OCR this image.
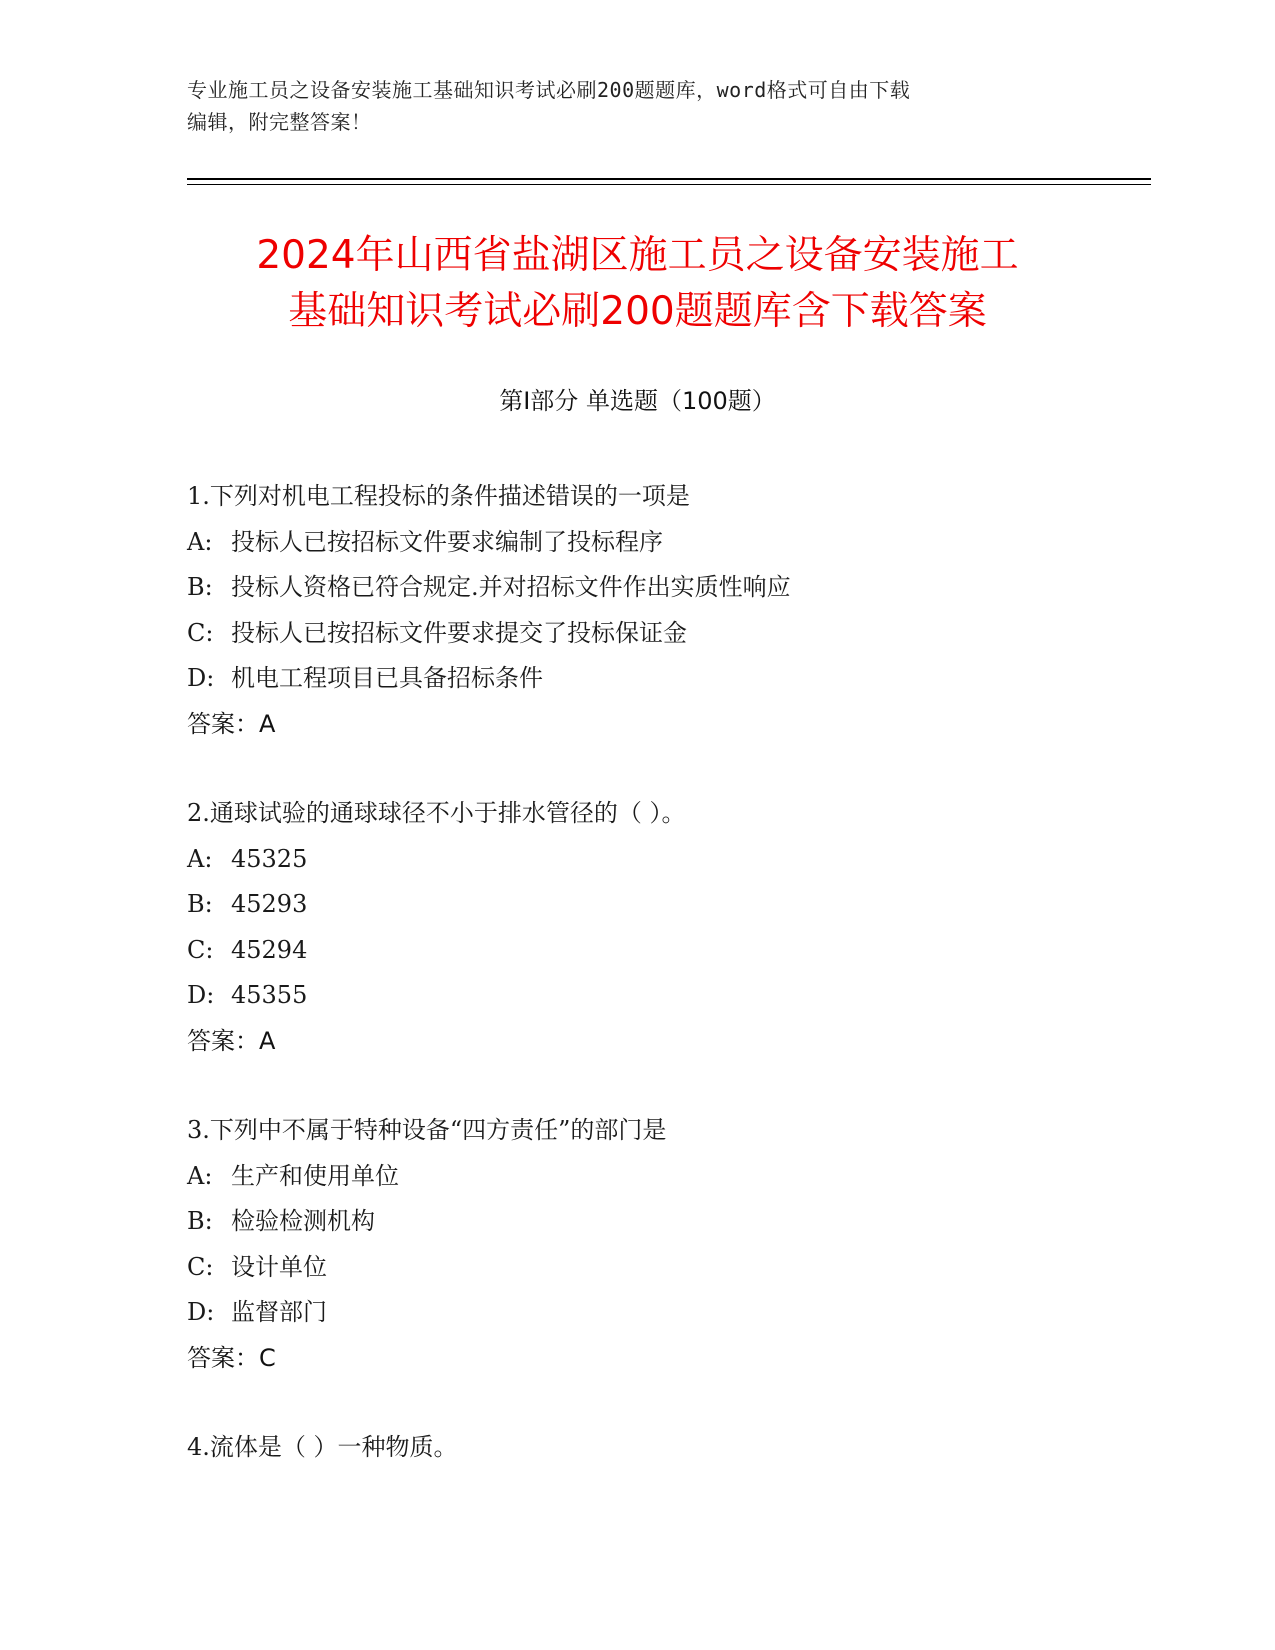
专业施工员之设备安装施工基础知识考试必刷200题题库，word格式可自由下载
编辑，附完整答案！
2024年山西省盐湖区施工员之设备安装施工
基础知识考试必刷200题题库含下载答案
第Ⅰ部分 单选题（100题）
1.下列对机电工程投标的条件描述错误的一项是
A: 投标人已按招标文件要求编制了投标程序
B: 投标人资格已符合规定.并对招标文件作出实质性响应
C: 投标人已按招标文件要求提交了投标保证金
D: 机电工程项目已具备招标条件
答案：A
2.通球试验的通球球径不小于排水管径的（ ）。
A: 45325
B: 45293
C: 45294
D: 45355
答案：A
3.下列中不属于特种设备“四方责任”的部门是
A: 生产和使用单位
B: 检验检测机构
C: 设计单位
D: 监督部门
答案：C
4.流体是（ ）一种物质。
